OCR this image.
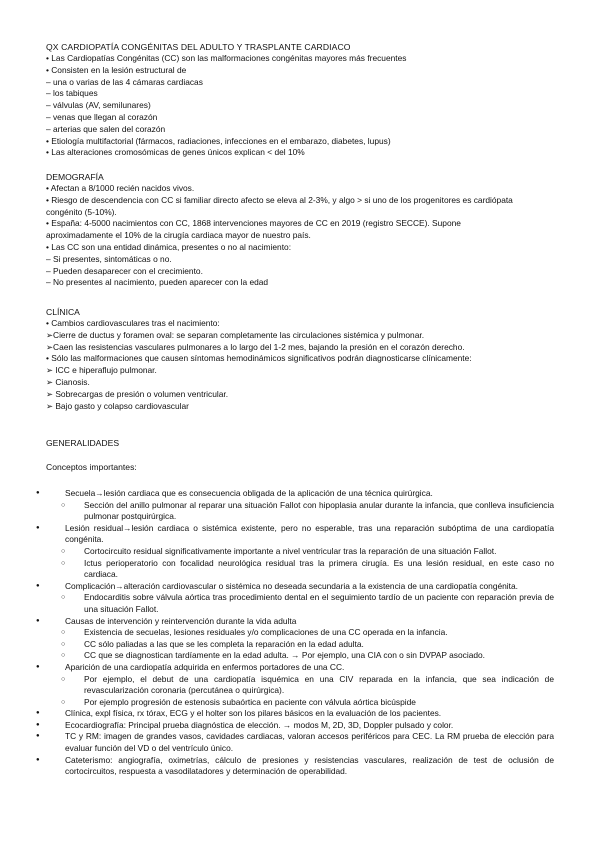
QX CARDIOPATÍA CONGÉNITAS DEL ADULTO Y TRASPLANTE CARDIACO
• Las Cardiopatías Congénitas (CC) son las malformaciones congénitas mayores más frecuentes
• Consisten en la lesión estructural de
– una o varias de las 4 cámaras cardiacas
– los tabiques
– válvulas (AV, semilunares)
– venas que llegan al corazón
– arterias que salen del corazón
• Etiología multifactorial (fármacos, radiaciones, infecciones en el embarazo, diabetes, lupus)
• Las alteraciones cromosómicas de genes únicos explican < del 10%
DEMOGRAFÍA
• Afectan a 8/1000 recién nacidos vivos.
• Riesgo de descendencia con CC si familiar directo afecto se eleva al 2-3%, y algo > si uno de los progenitores es cardiópata
congénito (5-10%).
• España: 4-5000 nacimientos con CC, 1868 intervenciones mayores de CC en 2019 (registro SECCE). Supone
aproximadamente el 10% de la cirugía cardiaca mayor de nuestro país.
• Las CC son una entidad dinámica, presentes o no al nacimiento:
– Si presentes, sintomáticas o no.
– Pueden desaparecer con el crecimiento.
– No presentes al nacimiento, pueden aparecer con la edad
CLÍNICA
• Cambios cardiovasculares tras el nacimiento:
➢Cierre de ductus y foramen oval: se separan completamente las circulaciones sistémica y pulmonar.
➢Caen las resistencias vasculares pulmonares a lo largo del 1-2 mes, bajando la presión en el corazón derecho.
• Sólo las malformaciones que causen síntomas hemodinámicos significativos podrán diagnosticarse clínicamente:
➢ ICC e hiperaflujo pulmonar.
➢ Cianosis.
➢ Sobrecargas de presión o volumen ventricular.
➢ Bajo gasto y colapso cardiovascular
GENERALIDADES
Conceptos importantes:
● Secuela→lesión cardiaca que es consecuencia obligada de la aplicación de una técnica quirúrgica.
○ Sección del anillo pulmonar al reparar una situación Fallot con hipoplasia anular durante la infancia, que conlleva insuficiencia pulmonar postquirúrgica.
● Lesión residual→lesión cardiaca o sistémica existente, pero no esperable, tras una reparación subóptima de una cardiopatía congénita.
○ Cortocircuito residual significativamente importante a nivel ventricular tras la reparación de una situación Fallot.
○ Ictus perioperatorio con focalidad neurológica residual tras la primera cirugía. Es una lesión residual, en este caso no cardiaca.
● Complicación→alteración cardiovascular o sistémica no deseada secundaria a la existencia de una cardiopatía congénita.
○ Endocarditis sobre válvula aórtica tras procedimiento dental en el seguimiento tardío de un paciente con reparación previa de una situación Fallot.
● Causas de intervención y reintervención durante la vida adulta
○ Existencia de secuelas, lesiones residuales y/o complicaciones de una CC operada en la infancia.
○ CC sólo paliadas a las que se les completa la reparación en la edad adulta.
○ CC que se diagnostican tardíamente en la edad adulta. → Por ejemplo, una CIA con o sin DVPAP asociado.
● Aparición de una cardiopatía adquirida en enfermos portadores de una CC.
○ Por ejemplo, el debut de una cardiopatía isquémica en una CIV reparada en la infancia, que sea indicación de revascularización coronaria (percutánea o quirúrgica).
○ Por ejemplo progresión de estenosis subaórtica en paciente con válvula aórtica bicúspide
● Clínica, expl física, rx tórax, ECG y el holter son los pilares básicos en la evaluación de los pacientes.
● Ecocardiografía: Principal prueba diagnóstica de elección. → modos M, 2D, 3D, Doppler pulsado y color.
● TC y RM: imagen de grandes vasos, cavidades cardiacas, valoran accesos periféricos para CEC. La RM prueba de elección para evaluar función del VD o del ventrículo único.
● Cateterismo: angiografía, oximetrías, cálculo de presiones y resistencias vasculares, realización de test de oclusión de cortocircuitos, respuesta a vasodilatadores y determinación de operabilidad.
